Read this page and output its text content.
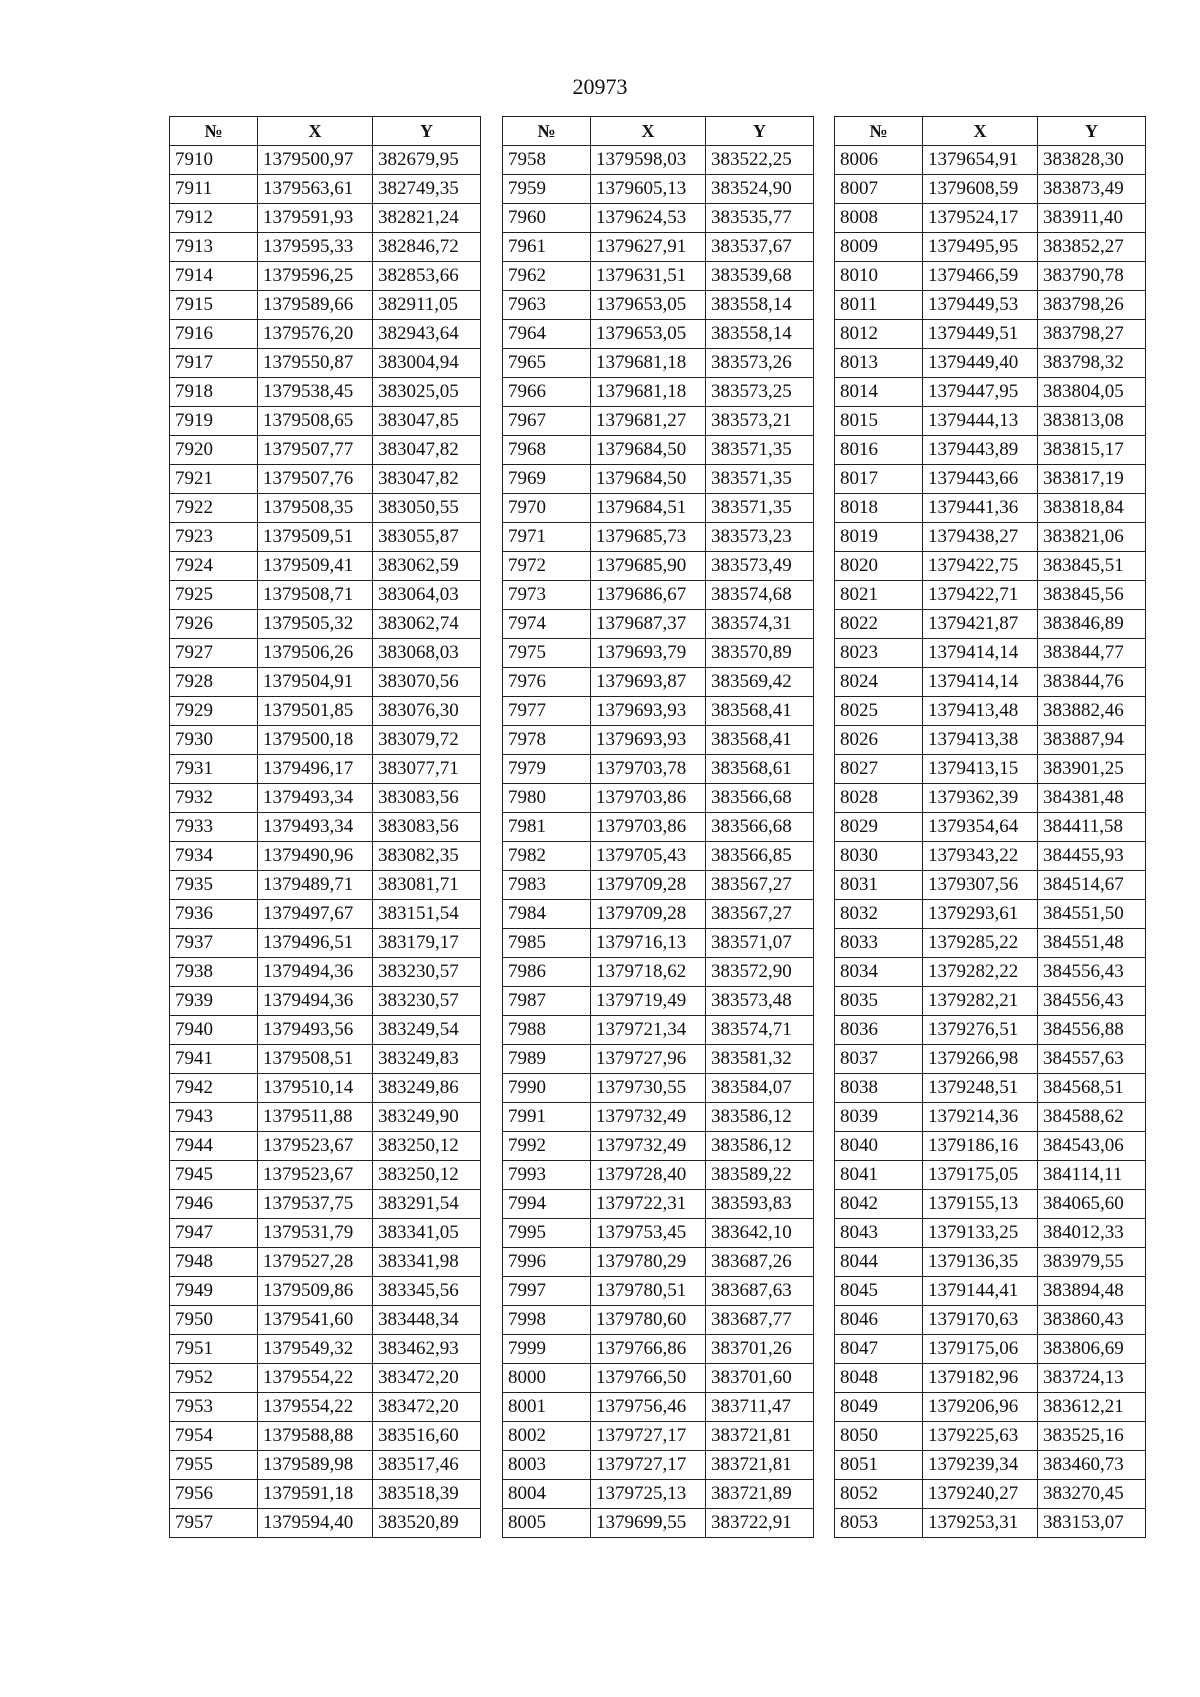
20973
№	X	Y
7910	1379500,97	382679,95
7911	1379563,61	382749,35
7912	1379591,93	382821,24
7913	1379595,33	382846,72
7914	1379596,25	382853,66
7915	1379589,66	382911,05
7916	1379576,20	382943,64
7917	1379550,87	383004,94
7918	1379538,45	383025,05
7919	1379508,65	383047,85
7920	1379507,77	383047,82
7921	1379507,76	383047,82
7922	1379508,35	383050,55
7923	1379509,51	383055,87
7924	1379509,41	383062,59
7925	1379508,71	383064,03
7926	1379505,32	383062,74
7927	1379506,26	383068,03
7928	1379504,91	383070,56
7929	1379501,85	383076,30
7930	1379500,18	383079,72
7931	1379496,17	383077,71
7932	1379493,34	383083,56
7933	1379493,34	383083,56
7934	1379490,96	383082,35
7935	1379489,71	383081,71
7936	1379497,67	383151,54
7937	1379496,51	383179,17
7938	1379494,36	383230,57
7939	1379494,36	383230,57
7940	1379493,56	383249,54
7941	1379508,51	383249,83
7942	1379510,14	383249,86
7943	1379511,88	383249,90
7944	1379523,67	383250,12
7945	1379523,67	383250,12
7946	1379537,75	383291,54
7947	1379531,79	383341,05
7948	1379527,28	383341,98
7949	1379509,86	383345,56
7950	1379541,60	383448,34
7951	1379549,32	383462,93
7952	1379554,22	383472,20
7953	1379554,22	383472,20
7954	1379588,88	383516,60
7955	1379589,98	383517,46
7956	1379591,18	383518,39
7957	1379594,40	383520,89
№	X	Y
7958	1379598,03	383522,25
7959	1379605,13	383524,90
7960	1379624,53	383535,77
7961	1379627,91	383537,67
7962	1379631,51	383539,68
7963	1379653,05	383558,14
7964	1379653,05	383558,14
7965	1379681,18	383573,26
7966	1379681,18	383573,25
7967	1379681,27	383573,21
7968	1379684,50	383571,35
7969	1379684,50	383571,35
7970	1379684,51	383571,35
7971	1379685,73	383573,23
7972	1379685,90	383573,49
7973	1379686,67	383574,68
7974	1379687,37	383574,31
7975	1379693,79	383570,89
7976	1379693,87	383569,42
7977	1379693,93	383568,41
7978	1379693,93	383568,41
7979	1379703,78	383568,61
7980	1379703,86	383566,68
7981	1379703,86	383566,68
7982	1379705,43	383566,85
7983	1379709,28	383567,27
7984	1379709,28	383567,27
7985	1379716,13	383571,07
7986	1379718,62	383572,90
7987	1379719,49	383573,48
7988	1379721,34	383574,71
7989	1379727,96	383581,32
7990	1379730,55	383584,07
7991	1379732,49	383586,12
7992	1379732,49	383586,12
7993	1379728,40	383589,22
7994	1379722,31	383593,83
7995	1379753,45	383642,10
7996	1379780,29	383687,26
7997	1379780,51	383687,63
7998	1379780,60	383687,77
7999	1379766,86	383701,26
8000	1379766,50	383701,60
8001	1379756,46	383711,47
8002	1379727,17	383721,81
8003	1379727,17	383721,81
8004	1379725,13	383721,89
8005	1379699,55	383722,91
№	X	Y
8006	1379654,91	383828,30
8007	1379608,59	383873,49
8008	1379524,17	383911,40
8009	1379495,95	383852,27
8010	1379466,59	383790,78
8011	1379449,53	383798,26
8012	1379449,51	383798,27
8013	1379449,40	383798,32
8014	1379447,95	383804,05
8015	1379444,13	383813,08
8016	1379443,89	383815,17
8017	1379443,66	383817,19
8018	1379441,36	383818,84
8019	1379438,27	383821,06
8020	1379422,75	383845,51
8021	1379422,71	383845,56
8022	1379421,87	383846,89
8023	1379414,14	383844,77
8024	1379414,14	383844,76
8025	1379413,48	383882,46
8026	1379413,38	383887,94
8027	1379413,15	383901,25
8028	1379362,39	384381,48
8029	1379354,64	384411,58
8030	1379343,22	384455,93
8031	1379307,56	384514,67
8032	1379293,61	384551,50
8033	1379285,22	384551,48
8034	1379282,22	384556,43
8035	1379282,21	384556,43
8036	1379276,51	384556,88
8037	1379266,98	384557,63
8038	1379248,51	384568,51
8039	1379214,36	384588,62
8040	1379186,16	384543,06
8041	1379175,05	384114,11
8042	1379155,13	384065,60
8043	1379133,25	384012,33
8044	1379136,35	383979,55
8045	1379144,41	383894,48
8046	1379170,63	383860,43
8047	1379175,06	383806,69
8048	1379182,96	383724,13
8049	1379206,96	383612,21
8050	1379225,63	383525,16
8051	1379239,34	383460,73
8052	1379240,27	383270,45
8053	1379253,31	383153,07
